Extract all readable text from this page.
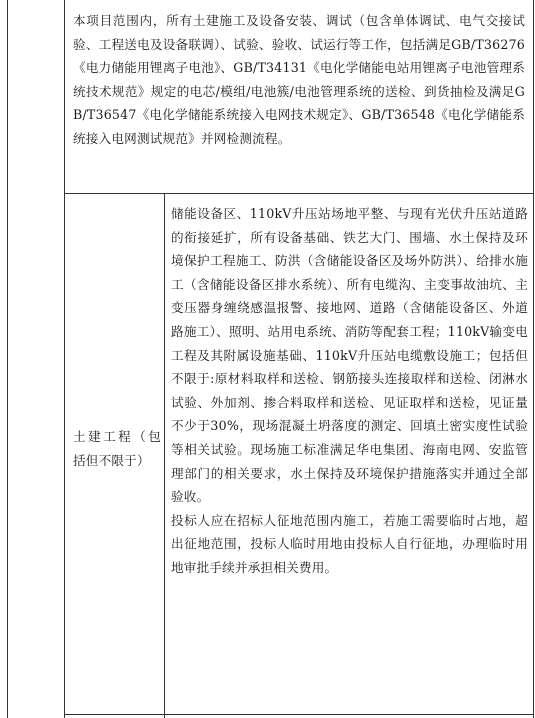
本项目范围内，所有土建施工及设备安装、调试（包含单体调试、电气交接试验、工程送电及设备联调）、试验、验收、试运行等工作，包括满足GB/T36276《电力储能用锂离子电池》、GB/T34131《电化学储能电站用锂离子电池管理系统技术规范》规定的电芯/模组/电池簇/电池管理系统的送检、到货抽检及满足GB/T36547《电化学储能系统接入电网技术规定》、GB/T36548《电化学储能系统接入电网测试规范》并网检测流程。
土建工程（包括但不限于）

储能设备区、110kV升压站场地平整、与现有光伏升压站道路的衔接延扩，所有设备基础、铁艺大门、围墙、水土保持及环境保护工程施工、防洪（含储能设备区及场外防洪）、给排水施工（含储能设备区排水系统）、所有电缆沟、主变事故油坑、主变压器身缠绕感温报警、接地网、道路（含储能设备区、外道路施工）、照明、站用电系统、消防等配套工程；110kV输变电工程及其附属设施基础、110kV升压站电缆敷设施工；包括但不限于:原材料取样和送检、钢筋接头连接取样和送检、闭淋水试验、外加剂、掺合料取样和送检、见证取样和送检，见证量不少于30%，现场混凝土坍落度的测定、回填土密实度性试验等相关试验。现场施工标准满足华电集团、海南电网、安监管理部门的相关要求，水土保持及环境保护措施落实并通过全部验收。

投标人应在招标人征地范围内施工，若施工需要临时占地，超出征地范围，投标人临时用地由投标人自行征地，办理临时用地审批手续并承担相关费用。
